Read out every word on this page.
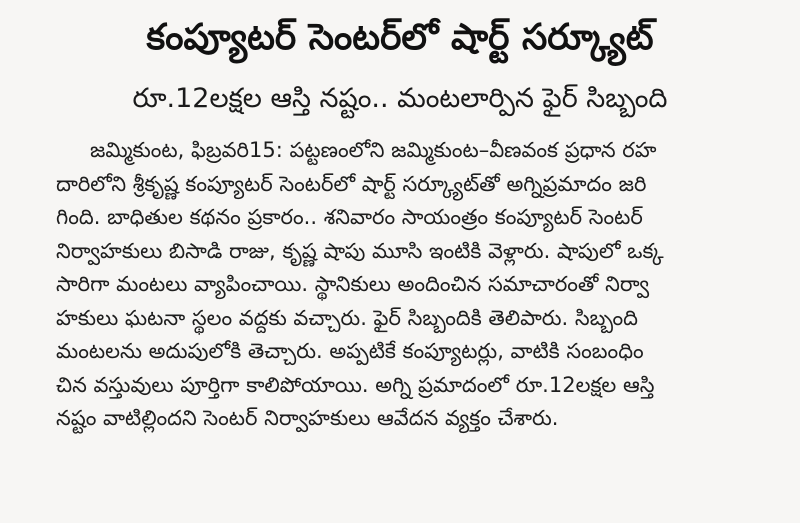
కంప్యూటర్ సెంటర్‌లో షార్ట్ సర్క్యూట్
రూ.12లక్షల ఆస్తి నష్టం.. మంటలార్పిన ఫైర్ సిబ్బంది
జమ్మికుంట, ఫిబ్రవరి15: పట్టణంలోని జమ్మికుంట–వీణవంక ప్రధాన రహ
దారిలోని శ్రీకృష్ణ కంప్యూటర్ సెంటర్‌లో షార్ట్ సర్క్యూట్‌తో అగ్నిప్రమాదం జరి
గింది. బాధితుల కథనం ప్రకారం.. శనివారం సాయంత్రం కంప్యూటర్ సెంటర్
నిర్వాహకులు బిసాడి రాజు, కృష్ణ షాపు మూసి ఇంటికి వెళ్లారు. షాపులో ఒక్క
సారిగా మంటలు వ్యాపించాయి. స్థానికులు అందించిన సమాచారంతో నిర్వా
హకులు ఘటనా స్థలం వద్దకు వచ్చారు. ఫైర్ సిబ్బందికి తెలిపారు. సిబ్బంది
మంటలను అదుపులోకి తెచ్చారు. అప్పటికే కంప్యూటర్లు, వాటికి సంబంధిం
చిన వస్తువులు పూర్తిగా కాలిపోయాయి. అగ్ని ప్రమాదంలో రూ.12లక్షల ఆస్తి
నష్టం వాటిల్లిందని సెంటర్ నిర్వాహకులు ఆవేదన వ్యక్తం చేశారు.
